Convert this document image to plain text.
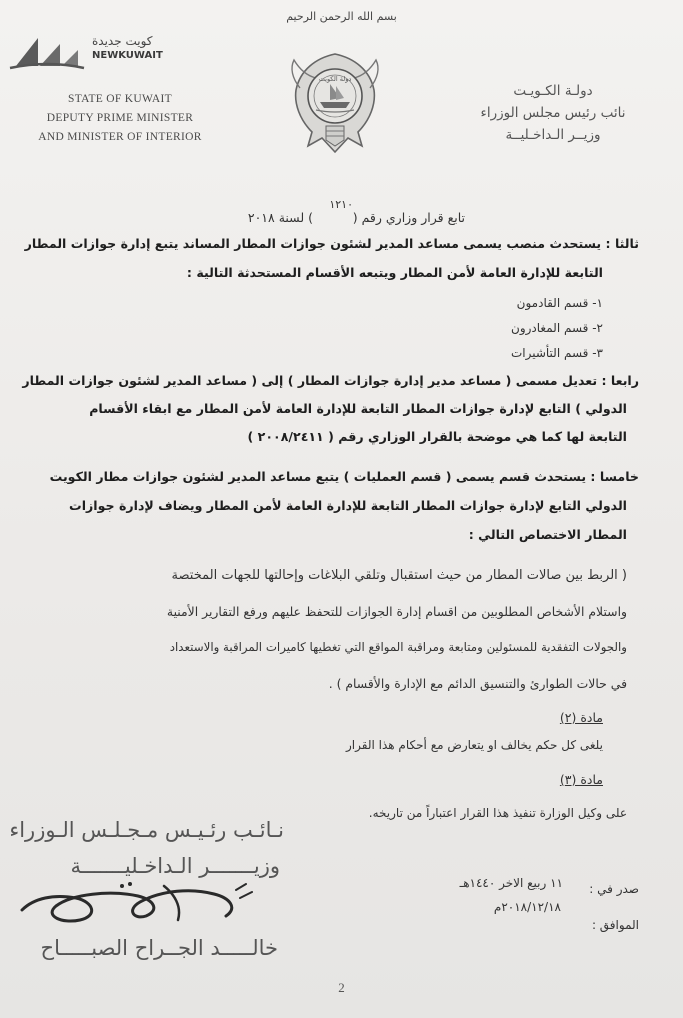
بسم الله الرحمن الرحيم
كويت جديدة
NEWKUWAIT
STATE OF KUWAIT
DEPUTY PRIME MINISTER
AND MINISTER OF INTERIOR
دولة الكويت
دولـة الكـويـت
نائب رئيس مجلس الوزراء
وزيــر الـداخـليــة
تابع قرار وزاري رقم (
١٢١٠
) لسنة ٢٠١٨
ثالثا : يستحدث منصب يسمى مساعد المدير لشئون جوازات المطار المساند يتبع إدارة جوازات المطار
التابعة للإدارة العامة لأمن المطار ويتبعه الأقسام المستحدثة التالية :
١- قسم القادمون
٢- قسم المغادرون
٣- قسم التأشيرات
رابعا : تعديل مسمى ( مساعد مدير إدارة جوازات المطار ) إلى ( مساعد المدير لشئون جوازات المطار
الدولي ) التابع لإدارة جوازات المطار التابعة للإدارة العامة لأمن المطار مع ابقاء الأقسام
التابعة لها كما هي موضحة بالقرار الوزاري رقم ( ٢٠٠٨/٢٤١١ )
خامسا : يستحدث قسم يسمى ( قسم العمليات ) يتبع مساعد المدير لشئون جوازات مطار الكويت
الدولي التابع لإدارة جوازات المطار التابعة للإدارة العامة لأمن المطار ويضاف لإدارة جوازات
المطار الاختصاص التالي :
( الربط بين صالات المطار من حيث استقبال وتلقي البلاغات وإحالتها للجهات المختصة
واستلام الأشخاص المطلوبين من اقسام إدارة الجوازات للتحفظ عليهم ورفع التقارير الأمنية
والجولات التفقدية للمسئولين ومتابعة ومراقبة المواقع التي تغطيها كاميرات المراقبة والاستعداد
في حالات الطوارئ والتنسيق الدائم مع الإدارة والأقسام ) .
مادة (٢)
يلغى كل حكم يخالف او يتعارض مع أحكام هذا القرار
مادة (٣)
على وكيل الوزارة تنفيذ هذا القرار اعتباراً من تاريخه.
صدر في :
١١ ربيع الاخر ١٤٤٠هـ
٢٠١٨/١٢/١٨م
الموافق :
نـائـب رئـيـس مـجـلـس الـوزراء
وزيـــــــر الـداخـليـــــــة
خالـــــد الجــراح الصبـــــاح
2
